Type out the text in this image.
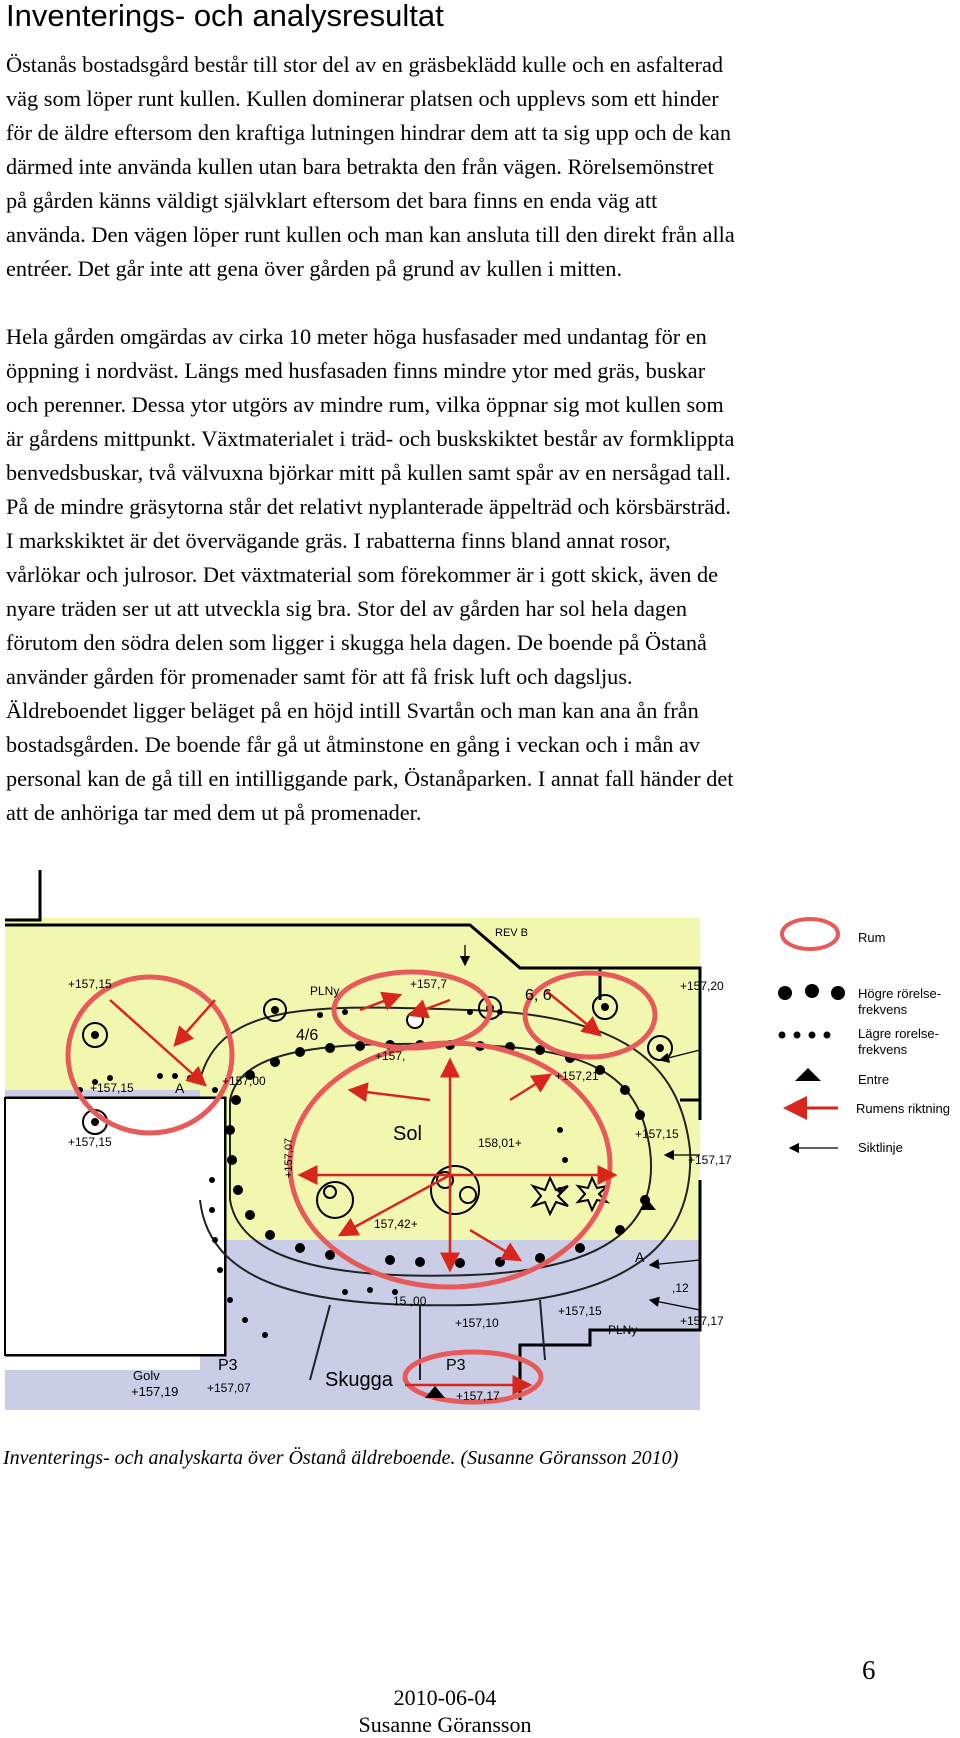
Inventerings- och analysresultat
Östanås bostadsgård består till stor del av en gräsbeklädd kulle och en asfalterad
väg som löper runt kullen. Kullen dominerar platsen och upplevs som ett hinder
för de äldre eftersom den kraftiga lutningen hindrar dem att ta sig upp och de kan
därmed inte använda kullen utan bara betrakta den från vägen. Rörelsemönstret
på gården känns väldigt självklart eftersom det bara finns en enda väg att
använda. Den vägen löper runt kullen och man kan ansluta till den direkt från alla
entréer. Det går inte att gena över gården på grund av kullen i mitten.
Hela gården omgärdas av cirka 10 meter höga husfasader med undantag för en
öppning i nordväst. Längs med husfasaden finns mindre ytor med gräs, buskar
och perenner. Dessa ytor utgörs av mindre rum, vilka öppnar sig mot kullen som
är gårdens mittpunkt. Växtmaterialet i träd- och buskskiktet består av formklippta
benvedsbuskar, två välvuxna björkar mitt på kullen samt spår av en nersågad tall.
På de mindre gräsytorna står det relativt nyplanterade äppelträd och körsbärsträd.
I markskiktet är det övervägande gräs. I rabatterna finns bland annat rosor,
vårlökar och julrosor. Det växtmaterial som förekommer är i gott skick, även de
nyare träden ser ut att utveckla sig bra. Stor del av gården har sol hela dagen
förutom den södra delen som ligger i skugga hela dagen. De boende på Östanå
använder gården för promenader samt för att få frisk luft och dagsljus.
Äldreboendet ligger beläget på en höjd intill Svartån och man kan ana ån från
bostadsgården. De boende får gå ut åtminstone en gång i veckan och i mån av
personal kan de gå till en intilliggande park, Östanåparken. I annat fall händer det
att de anhöriga tar med dem ut på promenader.
REV B
Sol
Skugga
Golv
+157,19
P3	P3
PLNy
PLNy
4/6
6, 6
A
A
+157,15
+157,15
+157,15
+157,00
+157,
+157,7	+157,20
+157,21
+157,15
+157,17
158,01+
157,42+
+157,07
+157,07
+157,10
+157,15
+157,17
+157,17
15 ,00
,12
Rum
Högre rörelse-
frekvens
Lägre rorelse-
frekvens
Entre
Rumens riktning
Siktlinje
Inventerings- och analyskarta över Östanå äldreboende. (Susanne Göransson 2010)
6
2010-06-04
Susanne Göransson
